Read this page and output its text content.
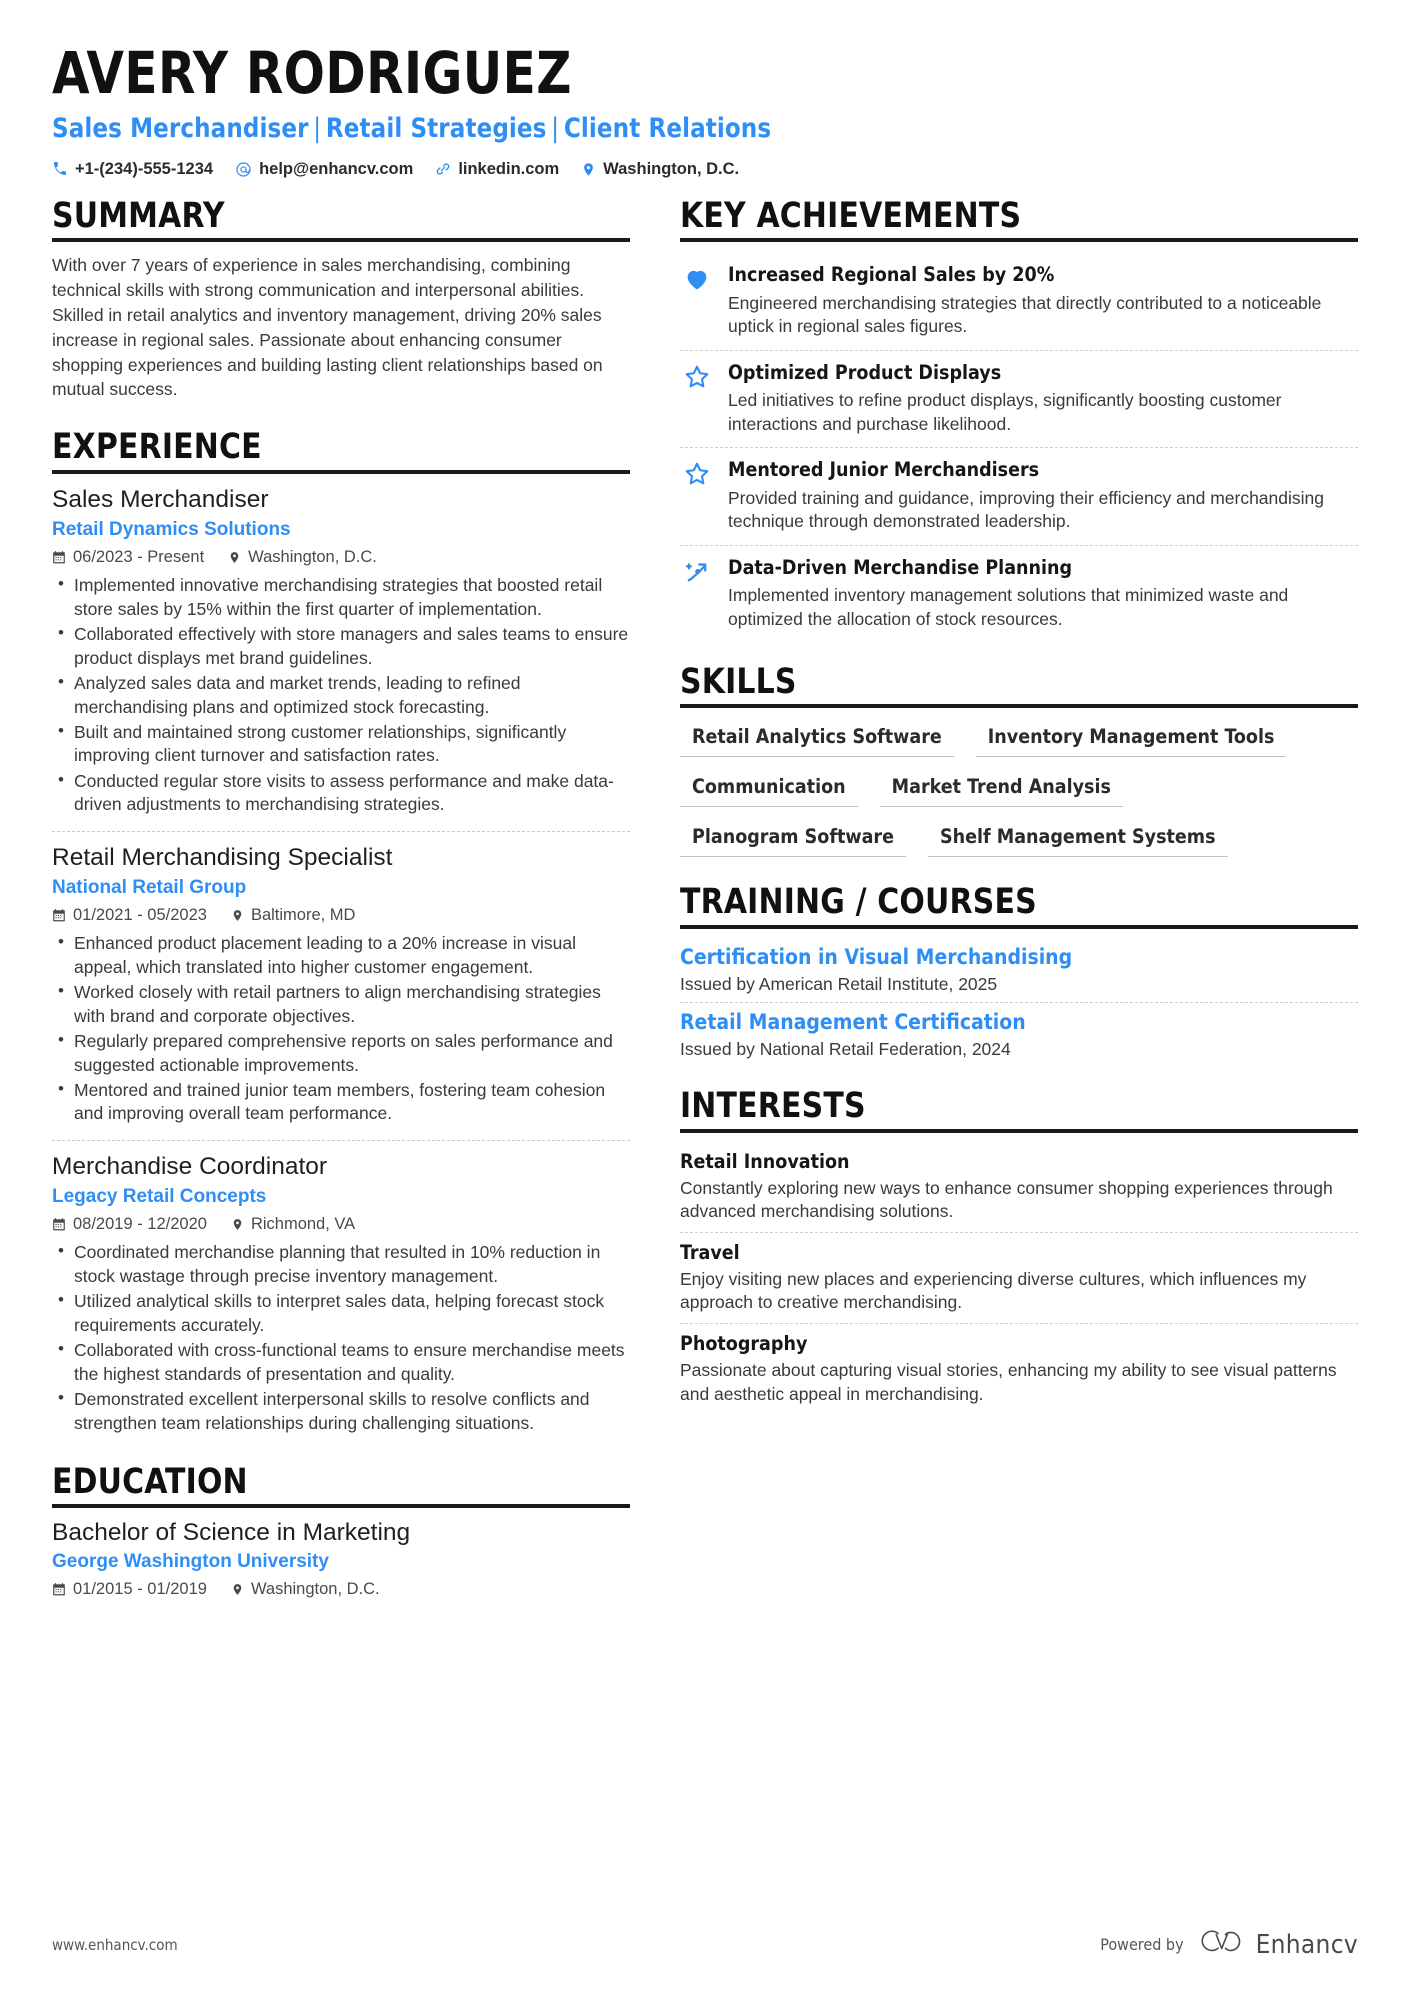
AVERY RODRIGUEZ
Sales Merchandiser | Retail Strategies | Client Relations
+1-(234)-555-1234	help@enhancv.com	linkedin.com	Washington, D.C.
SUMMARY
With over 7 years of experience in sales merchandising, combining technical skills with strong communication and interpersonal abilities. Skilled in retail analytics and inventory management, driving 20% sales increase in regional sales. Passionate about enhancing consumer shopping experiences and building lasting client relationships based on mutual success.
EXPERIENCE
Sales Merchandiser
Retail Dynamics Solutions
06/2023 - Present	Washington, D.C.
• Implemented innovative merchandising strategies that boosted retail store sales by 15% within the first quarter of implementation.
• Collaborated effectively with store managers and sales teams to ensure product displays met brand guidelines.
• Analyzed sales data and market trends, leading to refined merchandising plans and optimized stock forecasting.
• Built and maintained strong customer relationships, significantly improving client turnover and satisfaction rates.
• Conducted regular store visits to assess performance and make data-driven adjustments to merchandising strategies.
Retail Merchandising Specialist
National Retail Group
01/2021 - 05/2023	Baltimore, MD
• Enhanced product placement leading to a 20% increase in visual appeal, which translated into higher customer engagement.
• Worked closely with retail partners to align merchandising strategies with brand and corporate objectives.
• Regularly prepared comprehensive reports on sales performance and suggested actionable improvements.
• Mentored and trained junior team members, fostering team cohesion and improving overall team performance.
Merchandise Coordinator
Legacy Retail Concepts
08/2019 - 12/2020	Richmond, VA
• Coordinated merchandise planning that resulted in 10% reduction in stock wastage through precise inventory management.
• Utilized analytical skills to interpret sales data, helping forecast stock requirements accurately.
• Collaborated with cross-functional teams to ensure merchandise meets the highest standards of presentation and quality.
• Demonstrated excellent interpersonal skills to resolve conflicts and strengthen team relationships during challenging situations.
EDUCATION
Bachelor of Science in Marketing
George Washington University
01/2015 - 01/2019	Washington, D.C.
KEY ACHIEVEMENTS
Increased Regional Sales by 20%
Engineered merchandising strategies that directly contributed to a noticeable uptick in regional sales figures.
Optimized Product Displays
Led initiatives to refine product displays, significantly boosting customer interactions and purchase likelihood.
Mentored Junior Merchandisers
Provided training and guidance, improving their efficiency and merchandising technique through demonstrated leadership.
Data-Driven Merchandise Planning
Implemented inventory management solutions that minimized waste and optimized the allocation of stock resources.
SKILLS
Retail Analytics Software	Inventory Management Tools
Communication	Market Trend Analysis
Planogram Software	Shelf Management Systems
TRAINING / COURSES
Certification in Visual Merchandising
Issued by American Retail Institute, 2025
Retail Management Certification
Issued by National Retail Federation, 2024
INTERESTS
Retail Innovation
Constantly exploring new ways to enhance consumer shopping experiences through advanced merchandising solutions.
Travel
Enjoy visiting new places and experiencing diverse cultures, which influences my approach to creative merchandising.
Photography
Passionate about capturing visual stories, enhancing my ability to see visual patterns and aesthetic appeal in merchandising.
www.enhancv.com	Powered by	Enhancv
